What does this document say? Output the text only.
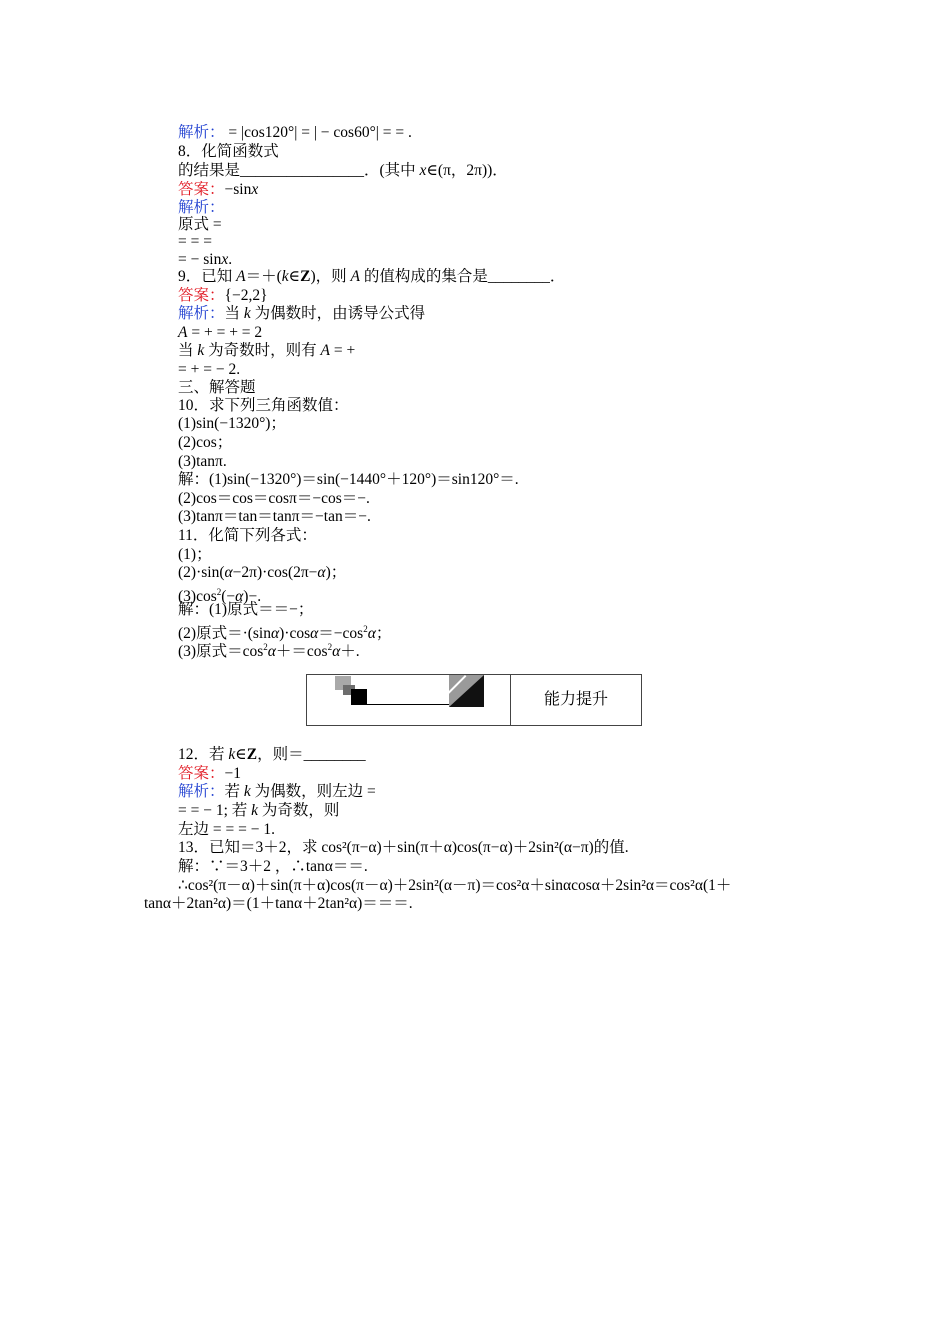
解析： = |cos120°| = | − cos60°| = = .
8．化简函数式
的结果是________________．(其中 x∈(π，2π))．
答案：−sinx
解析：
原式 =
= = =
= − sinx.
9．已知 A＝＋(k∈Z)，则 A 的值构成的集合是________．
答案：{−2,2}
解析：当 k 为偶数时，由诱导公式得
A = + = + = 2
当 k 为奇数时，则有 A = +
= + = − 2.
三、解答题
10．求下列三角函数值：
(1)sin(−1320°)；
(2)cos；
(3)tanπ.
解：(1)sin(−1320°)＝sin(−1440°＋120°)＝sin120°＝.
(2)cos＝cos＝cosπ＝−cos＝−.
(3)tanπ＝tan＝tanπ＝−tan＝−.
11．化简下列各式：
(1)；
(2)·sin(α−2π)·cos(2π−α)；
$(3)\cos^2(-\alpha)-$.
解：(1)原式＝＝−；
(2)原式$=\cdot(\sin\alpha)\cdot\cos\alpha=-\cos^2\alpha$；
(3)原式$=\cos^2\alpha+=\cos^2\alpha+$.
能力提升
12．若 k∈Z，则＝________
答案：−1
解析：若 k 为偶数，则左边 =
= = − 1; 若 k 为奇数，则
左边 = = = − 1.
13．已知＝3＋2，求 cos²(π−α)＋sin(π＋α)cos(π−α)＋2sin²(α−π)的值.
解：∵＝3＋2 ，∴tanα＝＝.
∴cos²(π－α)＋sin(π＋α)cos(π－α)＋2sin²(α－π)＝cos²α＋sinαcosα＋2sin²α＝cos²α(1＋
tanα＋2tan²α)＝(1＋tanα＋2tan²α)＝＝＝.
